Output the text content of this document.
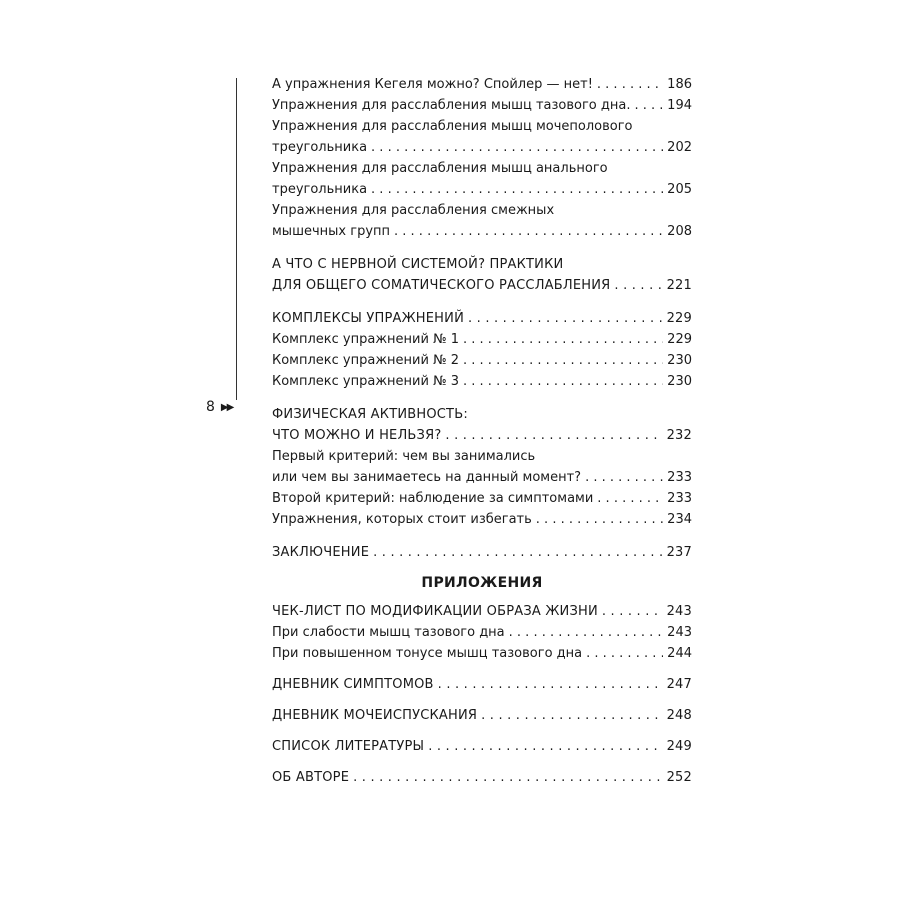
8 ▶▶
А упражнения Кегеля можно? Спойлер — нет! . . .	186
Упражнения для расслабления мышц тазового дна. . . .	194
Упражнения для расслабления мышц мочеполового
треугольника . . .	202
Упражнения для расслабления мышц анального
треугольника . . .	205
Упражнения для расслабления смежных
мышечных групп . . .	208
А ЧТО С НЕРВНОЙ СИСТЕМОЙ? ПРАКТИКИ
ДЛЯ ОБЩЕГО СОМАТИЧЕСКОГО РАССЛАБЛЕНИЯ . . .	221
КОМПЛЕКСЫ УПРАЖНЕНИЙ . . .	229
Комплекс упражнений № 1 . . .	229
Комплекс упражнений № 2 . . .	230
Комплекс упражнений № 3 . . .	230
ФИЗИЧЕСКАЯ АКТИВНОСТЬ:
ЧТО МОЖНО И НЕЛЬЗЯ? . . .	232
Первый критерий: чем вы занимались
или чем вы занимаетесь на данный момент? . . .	233
Второй критерий: наблюдение за симптомами . . .	233
Упражнения, которых стоит избегать . . .	234
ЗАКЛЮЧЕНИЕ . . .	237
ПРИЛОЖЕНИЯ
ЧЕК-ЛИСТ ПО МОДИФИКАЦИИ ОБРАЗА ЖИЗНИ . . .	243
При слабости мышц тазового дна . . .	243
При повышенном тонусе мышц тазового дна . . .	244
ДНЕВНИК СИМПТОМОВ . . .	247
ДНЕВНИК МОЧЕИСПУСКАНИЯ . . .	248
СПИСОК ЛИТЕРАТУРЫ . . .	249
ОБ АВТОРЕ . . .	252
